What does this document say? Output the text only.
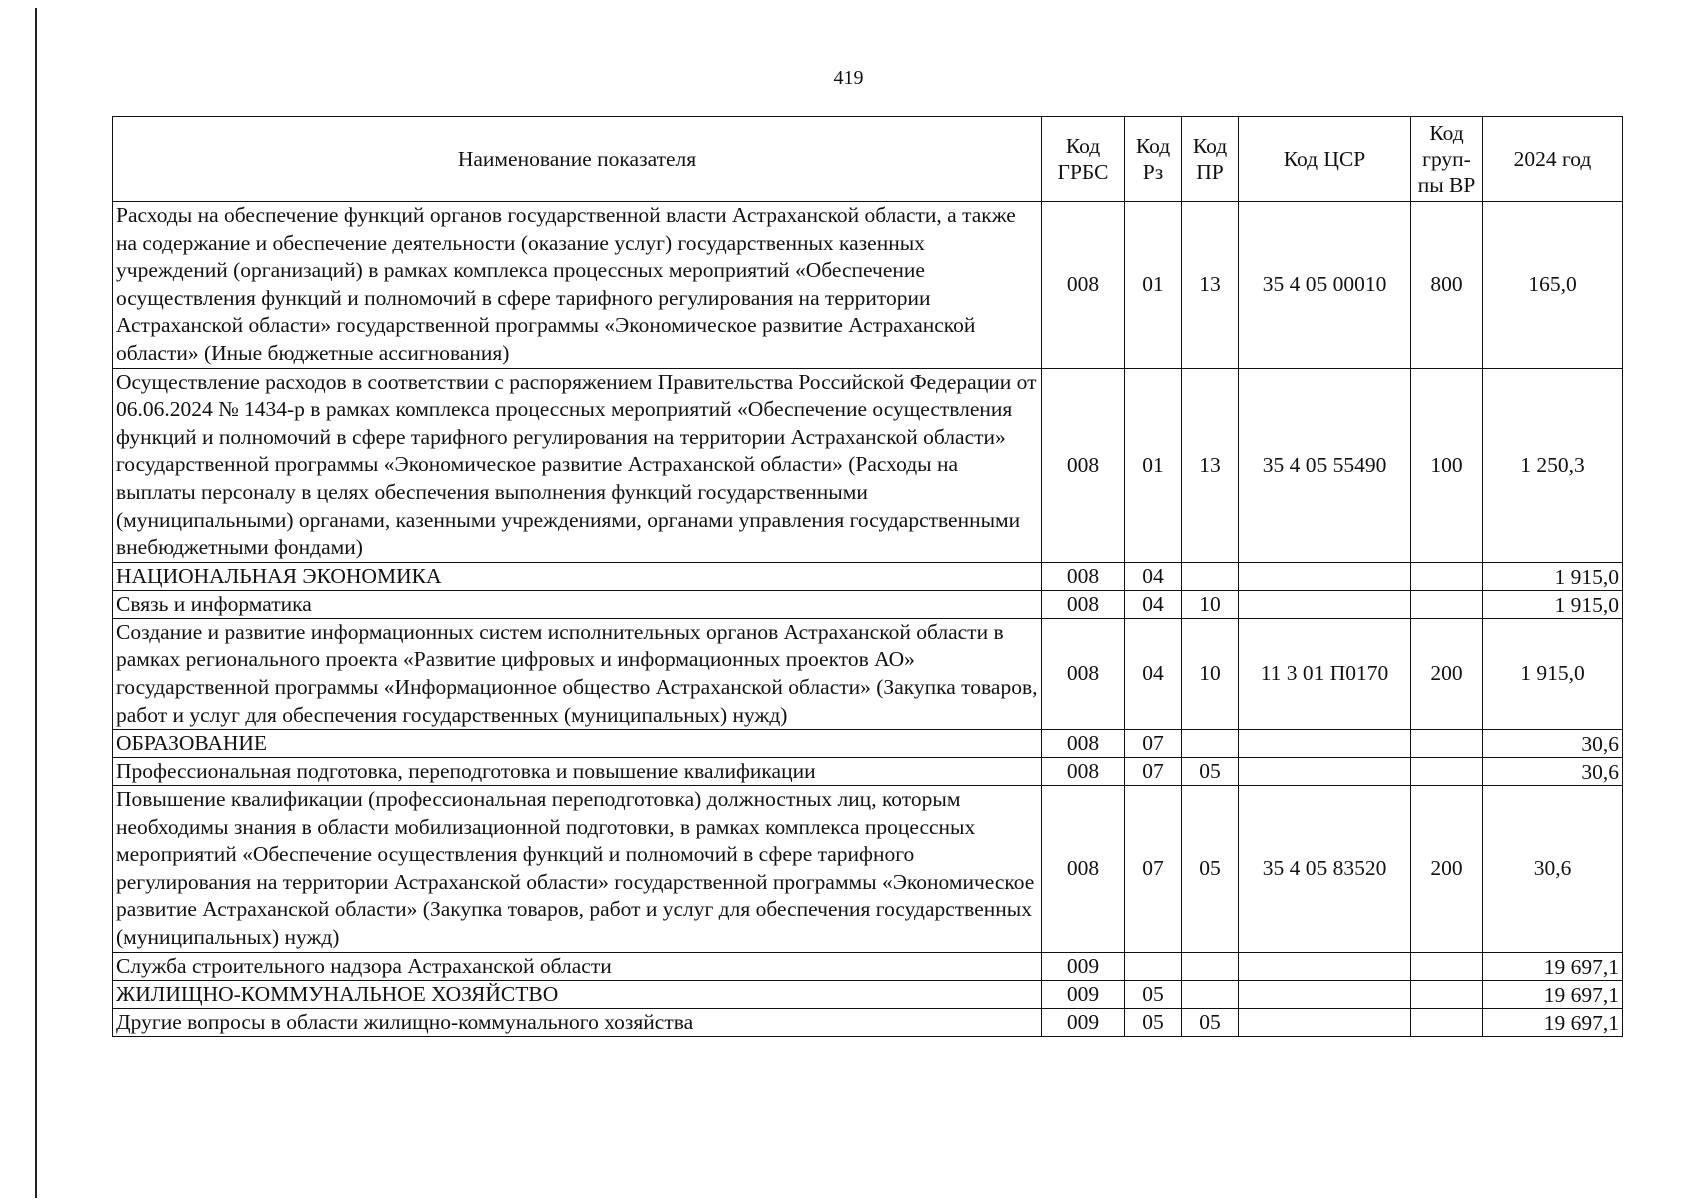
419
Наименование показателя	Код ГРБС	Код Рз	Код ПР	Код ЦСР	Код груп- пы ВР	2024 год
Расходы на обеспечение функций органов государственной власти Астраханской области, а также на содержание и обеспечение деятельности (оказание услуг) государственных казенных учреждений (организаций) в рамках комплекса процессных мероприятий «Обеспечение осуществления функций и полномочий в сфере тарифного регулирования на территории Астраханской области» государственной программы «Экономическое развитие Астраханской области» (Иные бюджетные ассигнования)	008	01	13	35 4 05 00010	800	165,0
Осуществление расходов в соответствии с распоряжением Правительства Российской Федерации от 06.06.2024 № 1434-р в рамках комплекса процессных мероприятий «Обеспечение осуществления функций и полномочий в сфере тарифного регулирования на территории Астраханской области» государственной программы «Экономическое развитие Астраханской области» (Расходы на выплаты персоналу в целях обеспечения выполнения функций государственными (муниципальными) органами, казенными учреждениями, органами управления государственными внебюджетными фондами)	008	01	13	35 4 05 55490	100	1 250,3
НАЦИОНАЛЬНАЯ ЭКОНОМИКА	008	04				1 915,0
Связь и информатика	008	04	10			1 915,0
Создание и развитие информационных систем исполнительных органов Астраханской области в рамках регионального проекта «Развитие цифровых и информационных проектов АО» государственной программы «Информационное общество Астраханской области» (Закупка товаров, работ и услуг для обеспечения государственных (муниципальных) нужд)	008	04	10	11 3 01 П0170	200	1 915,0
ОБРАЗОВАНИЕ	008	07				30,6
Профессиональная подготовка, переподготовка и повышение квалификации	008	07	05			30,6
Повышение квалификации (профессиональная переподготовка) должностных лиц, которым необходимы знания в области мобилизационной подготовки, в рамках комплекса процессных мероприятий «Обеспечение осуществления функций и полномочий в сфере тарифного регулирования на территории Астраханской области» государственной программы «Экономическое развитие Астраханской области» (Закупка товаров, работ и услуг для обеспечения государственных (муниципальных) нужд)	008	07	05	35 4 05 83520	200	30,6
Служба строительного надзора Астраханской области	009					19 697,1
ЖИЛИЩНО-КОММУНАЛЬНОЕ ХОЗЯЙСТВО	009	05				19 697,1
Другие вопросы в области жилищно-коммунального хозяйства	009	05	05			19 697,1
